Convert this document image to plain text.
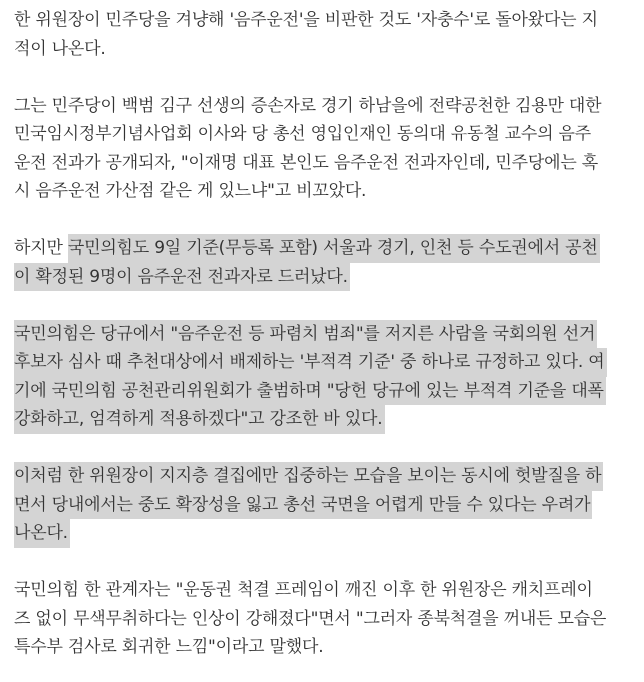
한 위원장이 민주당을 겨냥해 '음주운전'을 비판한 것도 '자충수'로 돌아왔다는 지
적이 나온다.

그는 민주당이 백범 김구 선생의 증손자로 경기 하남을에 전략공천한 김용만 대한
민국임시정부기념사업회 이사와 당 총선 영입인재인 동의대 유동철 교수의 음주
운전 전과가 공개되자, "이재명 대표 본인도 음주운전 전과자인데, 민주당에는 혹
시 음주운전 가산점 같은 게 있느냐"고 비꼬았다.

하지만 국민의힘도 9일 기준(무등록 포함) 서울과 경기, 인천 등 수도권에서 공천
이 확정된 9명이 음주운전 전과자로 드러났다.

국민의힘은 당규에서 "음주운전 등 파렴치 범죄"를 저지른 사람을 국회의원 선거
후보자 심사 때 추천대상에서 배제하는 '부적격 기준' 중 하나로 규정하고 있다. 여
기에 국민의힘 공천관리위원회가 출범하며 "당헌 당규에 있는 부적격 기준을 대폭
강화하고, 엄격하게 적용하겠다"고 강조한 바 있다.

이처럼 한 위원장이 지지층 결집에만 집중하는 모습을 보이는 동시에 헛발질을 하
면서 당내에서는 중도 확장성을 잃고 총선 국면을 어렵게 만들 수 있다는 우려가
나온다.

국민의힘 한 관계자는 "운동권 척결 프레임이 깨진 이후 한 위원장은 캐치프레이
즈 없이 무색무취하다는 인상이 강해졌다"면서 "그러자 종북척결을 꺼내든 모습은
특수부 검사로 회귀한 느낌"이라고 말했다.
